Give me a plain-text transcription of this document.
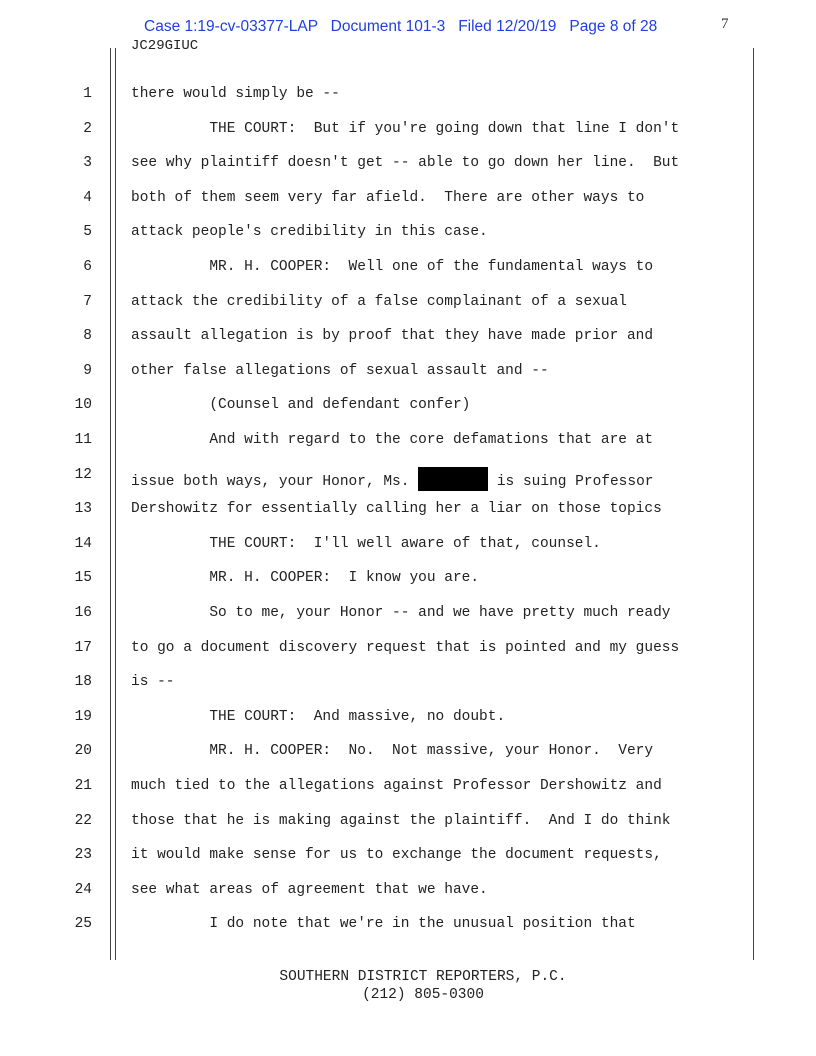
Case 1:19-cv-03377-LAP   Document 101-3   Filed 12/20/19   Page 8 of 28	7
JC29GIUC
1	there would simply be --
2	THE COURT:  But if you're going down that line I don't
3	see why plaintiff doesn't get -- able to go down her line.  But
4	both of them seem very far afield.  There are other ways to
5	attack people's credibility in this case.
6	MR. H. COOPER:  Well one of the fundamental ways to
7	attack the credibility of a false complainant of a sexual
8	assault allegation is by proof that they have made prior and
9	other false allegations of sexual assault and --
10	(Counsel and defendant confer)
11	And with regard to the core defamations that are at
12	issue both ways, your Honor, Ms.	is suing Professor
13	Dershowitz for essentially calling her a liar on those topics
14	THE COURT:  I'll well aware of that, counsel.
15	MR. H. COOPER:  I know you are.
16	So to me, your Honor -- and we have pretty much ready
17	to go a document discovery request that is pointed and my guess
18	is --
19	THE COURT:  And massive, no doubt.
20	MR. H. COOPER:  No.  Not massive, your Honor.  Very
21	much tied to the allegations against Professor Dershowitz and
22	those that he is making against the plaintiff.  And I do think
23	it would make sense for us to exchange the document requests,
24	see what areas of agreement that we have.
25	I do note that we're in the unusual position that
SOUTHERN DISTRICT REPORTERS, P.C.
(212) 805-0300
